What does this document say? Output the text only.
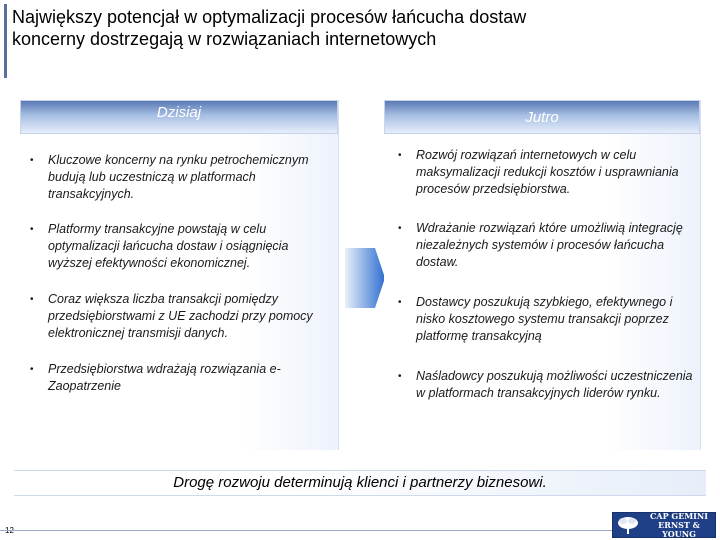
Największy potencjał w optymalizacji procesów łańcucha dostaw
koncerny dostrzegają w rozwiązaniach internetowych
Dzisiaj
• Kluczowe koncerny na rynku petrochemicznym budują lub uczestniczą w platformach transakcyjnych.
• Platformy transakcyjne powstają w celu optymalizacji łańcucha dostaw i osiągnięcia wyższej efektywności ekonomicznej.
• Coraz większa liczba transakcji pomiędzy przedsiębiorstwami z UE zachodzi przy pomocy elektronicznej transmisji danych.
• Przedsiębiorstwa wdrażają rozwiązania e-Zaopatrzenie
Jutro
• Rozwój rozwiązań internetowych w celu maksymalizacji redukcji kosztów i usprawniania procesów przedsiębiorstwa.
• Wdrażanie rozwiązań które umożliwią integrację niezależnych systemów i procesów łańcucha dostaw.
• Dostawcy poszukują szybkiego, efektywnego i nisko kosztowego systemu transakcji poprzez platformę transakcyjną
• Naśladowcy poszukują możliwości uczestniczenia w platformach transakcyjnych liderów rynku.
Drogę rozwoju determinują klienci i partnerzy biznesowi.
CAP GEMINI
ERNST & YOUNG
